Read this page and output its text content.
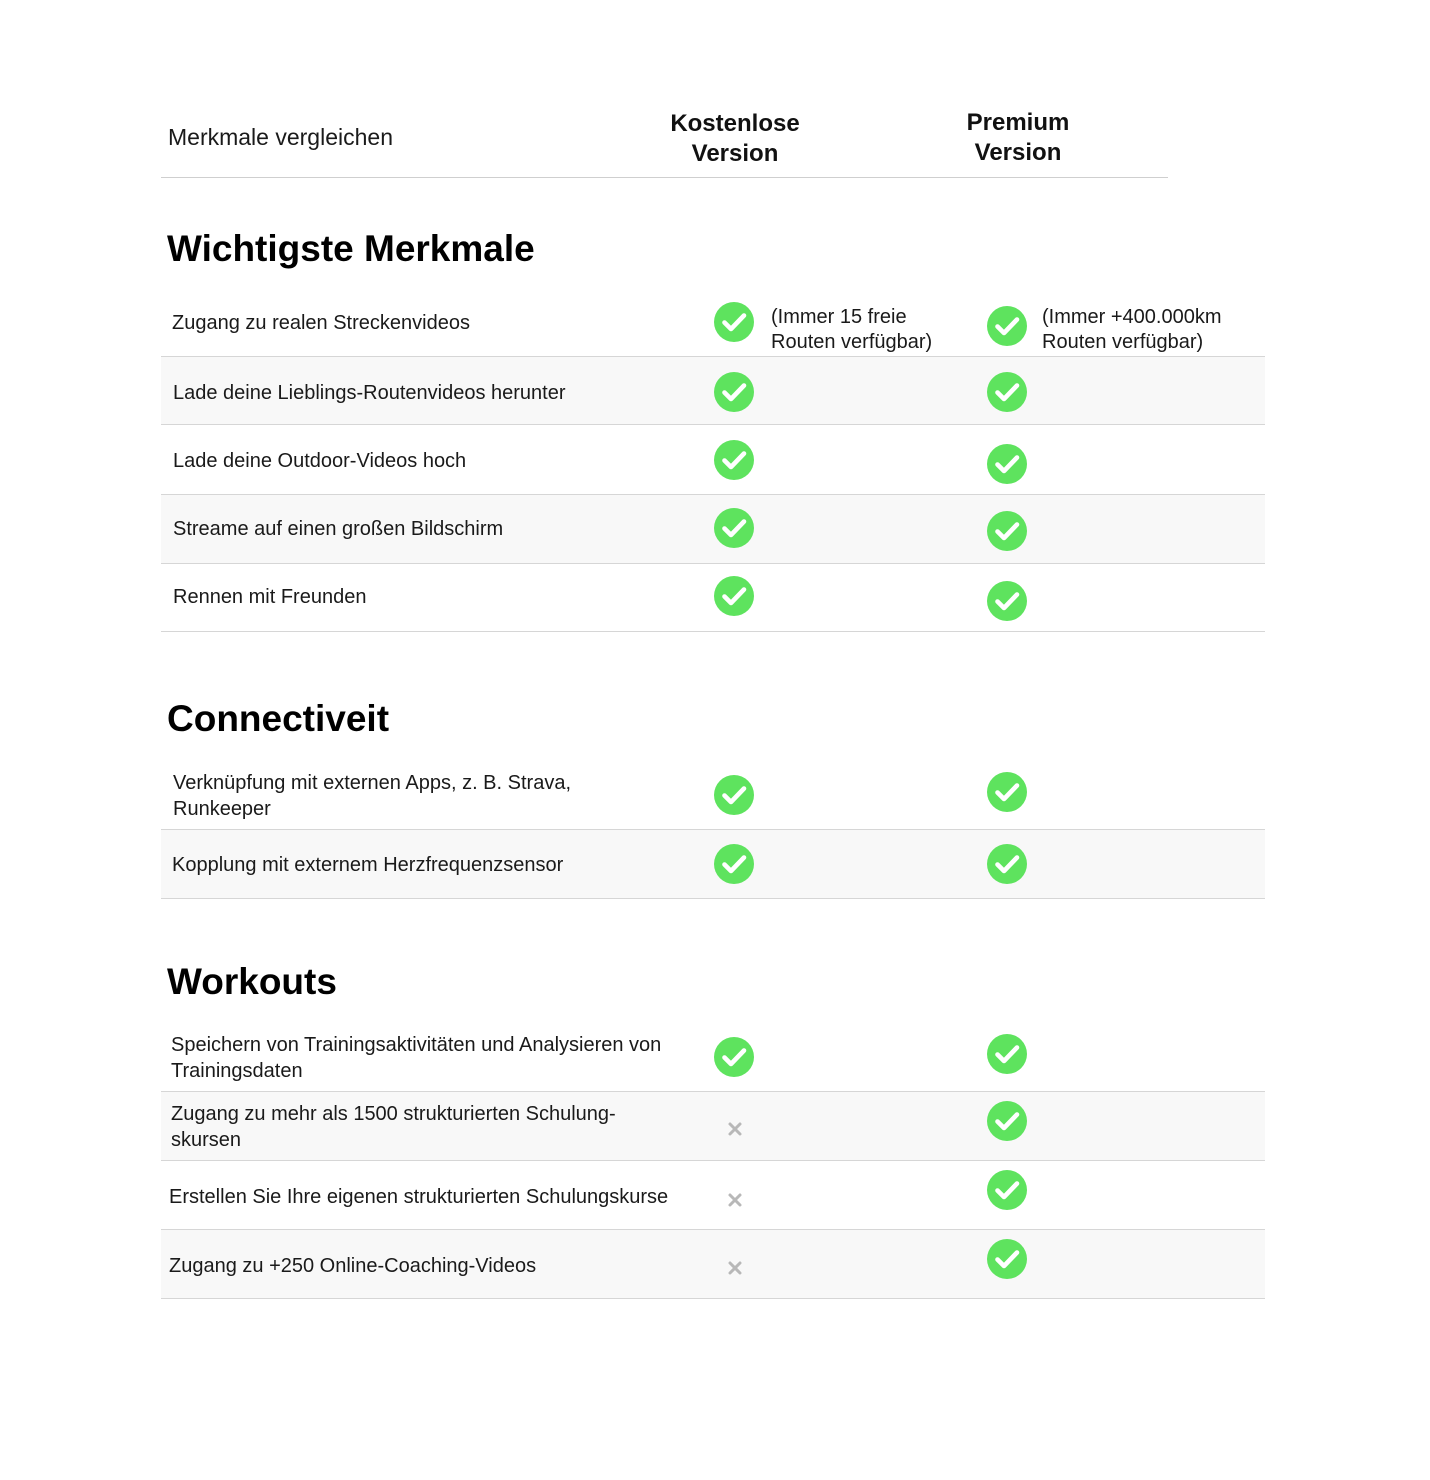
Merkmale vergleichen	Kostenlose
Version
Premium
Version
Wichtigste Merkmale
Zugang zu realen Streckenvideos	(Immer 15 freie
Routen verfügbar)
(Immer +400.000km
Routen verfügbar)
Lade deine Lieblings-Routenvideos herunter
Lade deine Outdoor-Videos hoch
Streame auf einen großen Bildschirm
Rennen mit Freunden
Connectiveit
Verknüpfung mit externen Apps, z. B. Strava, Runkeeper
Kopplung mit externem Herzfrequenzsensor
Workouts
Speichern von Trainingsaktivitäten und Analysieren von Trainingsdaten
Zugang zu mehr als 1500 strukturierten Schulung-skursen
Erstellen Sie Ihre eigenen strukturierten Schulungskurse
Zugang zu +250 Online-Coaching-Videos
